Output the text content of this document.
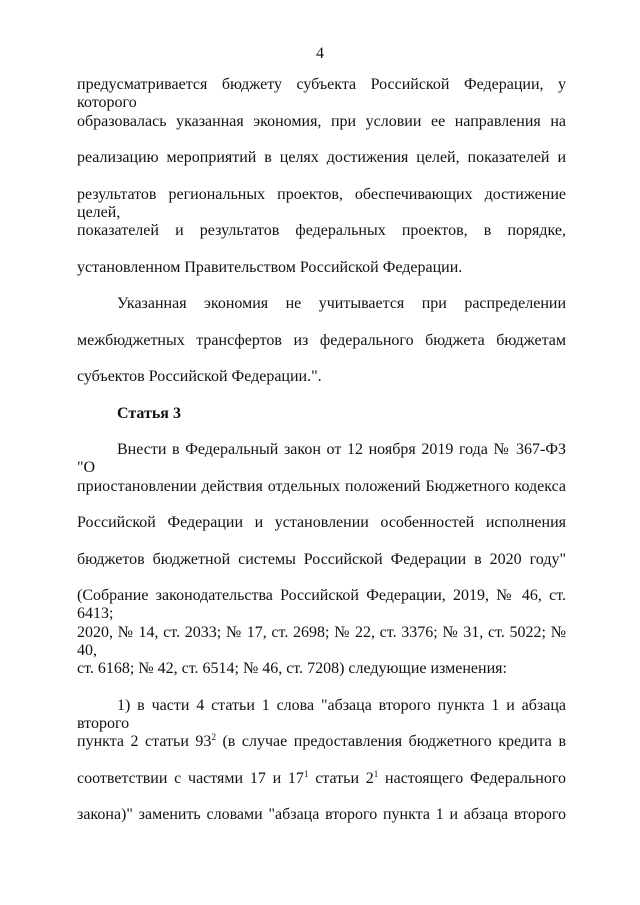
4
предусматривается бюджету субъекта Российской Федерации, у которого
образовалась указанная экономия, при условии ее направления на
реализацию мероприятий в целях достижения целей, показателей и
результатов региональных проектов, обеспечивающих достижение целей,
показателей и результатов федеральных проектов, в порядке,
установленном Правительством Российской Федерации.
Указанная экономия не учитывается при распределении
межбюджетных трансфертов из федерального бюджета бюджетам
субъектов Российской Федерации.".
Статья 3
Внести в Федеральный закон от 12 ноября 2019 года № 367-ФЗ "О
приостановлении действия отдельных положений Бюджетного кодекса
Российской Федерации и установлении особенностей исполнения
бюджетов бюджетной системы Российской Федерации в 2020 году"
(Собрание законодательства Российской Федерации, 2019, № 46, ст. 6413;
2020, № 14, ст. 2033; № 17, ст. 2698; № 22, ст. 3376; № 31, ст. 5022; № 40,
ст. 6168; № 42, ст. 6514; № 46, ст. 7208) следующие изменения:
1) в части 4 статьи 1 слова "абзаца второго пункта 1 и абзаца второго
пункта 2 статьи $93^2$ (в случае предоставления бюджетного кредита в
соответствии с частями 17 и $17^1$ статьи $2^1$ настоящего Федерального
закона)" заменить словами "абзаца второго пункта 1 и абзаца второго
